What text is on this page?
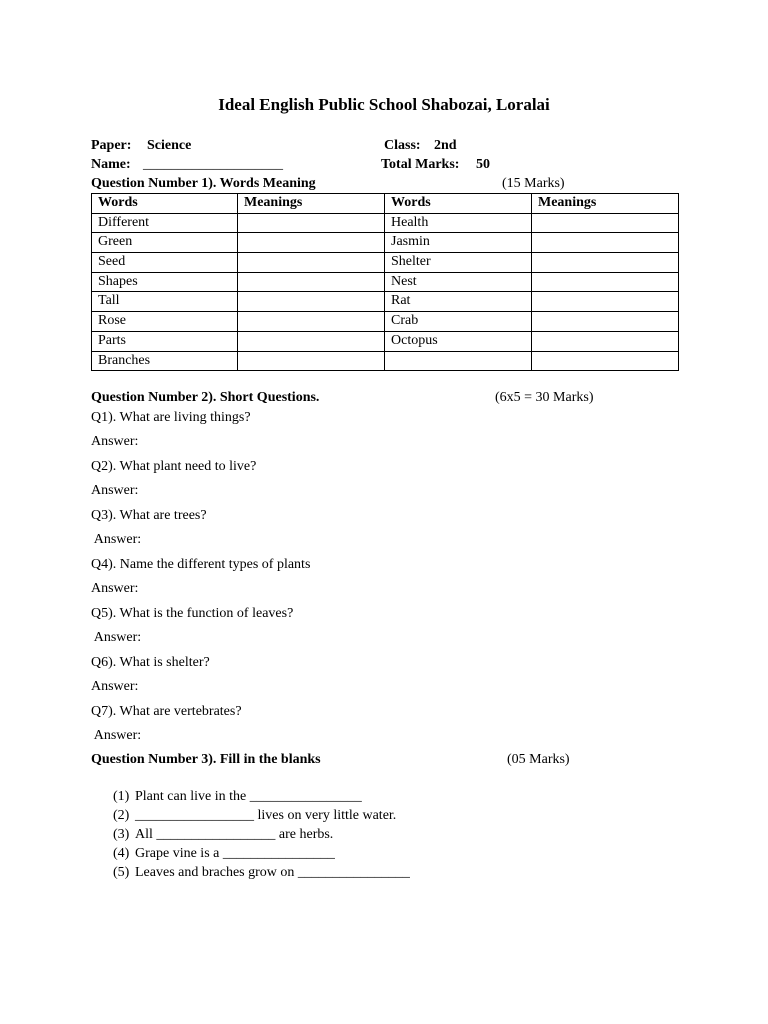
Ideal English Public School Shabozai, Loralai
Paper: Science	Class: 2nd
Name: ____________________	Total Marks: 50
Question Number 1). Words Meaning	(15 Marks)
Words	Meanings	Words	Meanings
Different		Health	
Green		Jasmin	
Seed		Shelter	
Shapes		Nest	
Tall		Rat	
Rose		Crab	
Parts		Octopus	
Branches			
Question Number 2). Short Questions.	(6x5 = 30 Marks)
Q1). What are living things?
Answer:
Q2). What plant need to live?
Answer:
Q3). What are trees?
Answer:
Q4). Name the different types of plants
Answer:
Q5). What is the function of leaves?
Answer:
Q6). What is shelter?
Answer:
Q7). What are vertebrates?
Answer:
Question Number 3). Fill in the blanks	(05 Marks)
(1) Plant can live in the ________________
(2) _________________ lives on very little water.
(3) All _________________ are herbs.
(4) Grape vine is a ________________
(5) Leaves and braches grow on ________________
